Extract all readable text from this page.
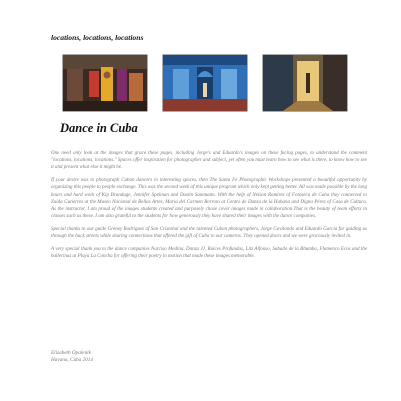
locations, locations, locations
Dance in Cuba

One need only look at the images that grace these pages, including Jorge's and Eduardo's images on these facing pages, to understand the comment "locations, locations, locations." Spaces offer inspiration for photographer and subject, yet often you must learn how to see what is there, to know how to see it and present what else it might be.

If your desire was to photograph Cuban dancers in interesting spaces, then The Santa Fe Photographic Workshops presented a beautiful opportunity by organizing this people to people exchange. This was the second week of this unique program which only kept getting better. All was made possible by the long hours and hard work of Kip Brundage, Jennifer Spelman and Dustin Sammann. With the help of Nelson Ramírez of Fotoseca de Cuba they connected to Zaida Gutierrez at the Museo Nacional de Bellas Artes, Maria del Carmen Borroto at Centro de Danza de la Habana and Digna Pérez of Casa de Cultura. As the instructor, I am proud of the images students created and purposely chose cover images made in collaboration.That is the beauty of team efforts in classes such as these. I am also grateful to the students for how generously they have shared their images with the dance companies.

Special thanks to our guide Greney Rodriguez of San Cristobal and the talented Cuban photographers, Jorge Gavilondo and Eduardo Garcia for guiding us through the back streets while sharing connections that offered the gift of Cuba to our cameras. They opened doors and we were graciously invited in.

A very special thank you to the dance companies Narciso Medina, Danza JJ, Raices Profundas, Litz Alfonso, Sabado de la Rhumba, Flamenco Ecos and the ballerinas at Playa La Concha for offering their poetry in motion that made these images memorable.

Elizabeth Opalenik
Havana, Cuba 2014
